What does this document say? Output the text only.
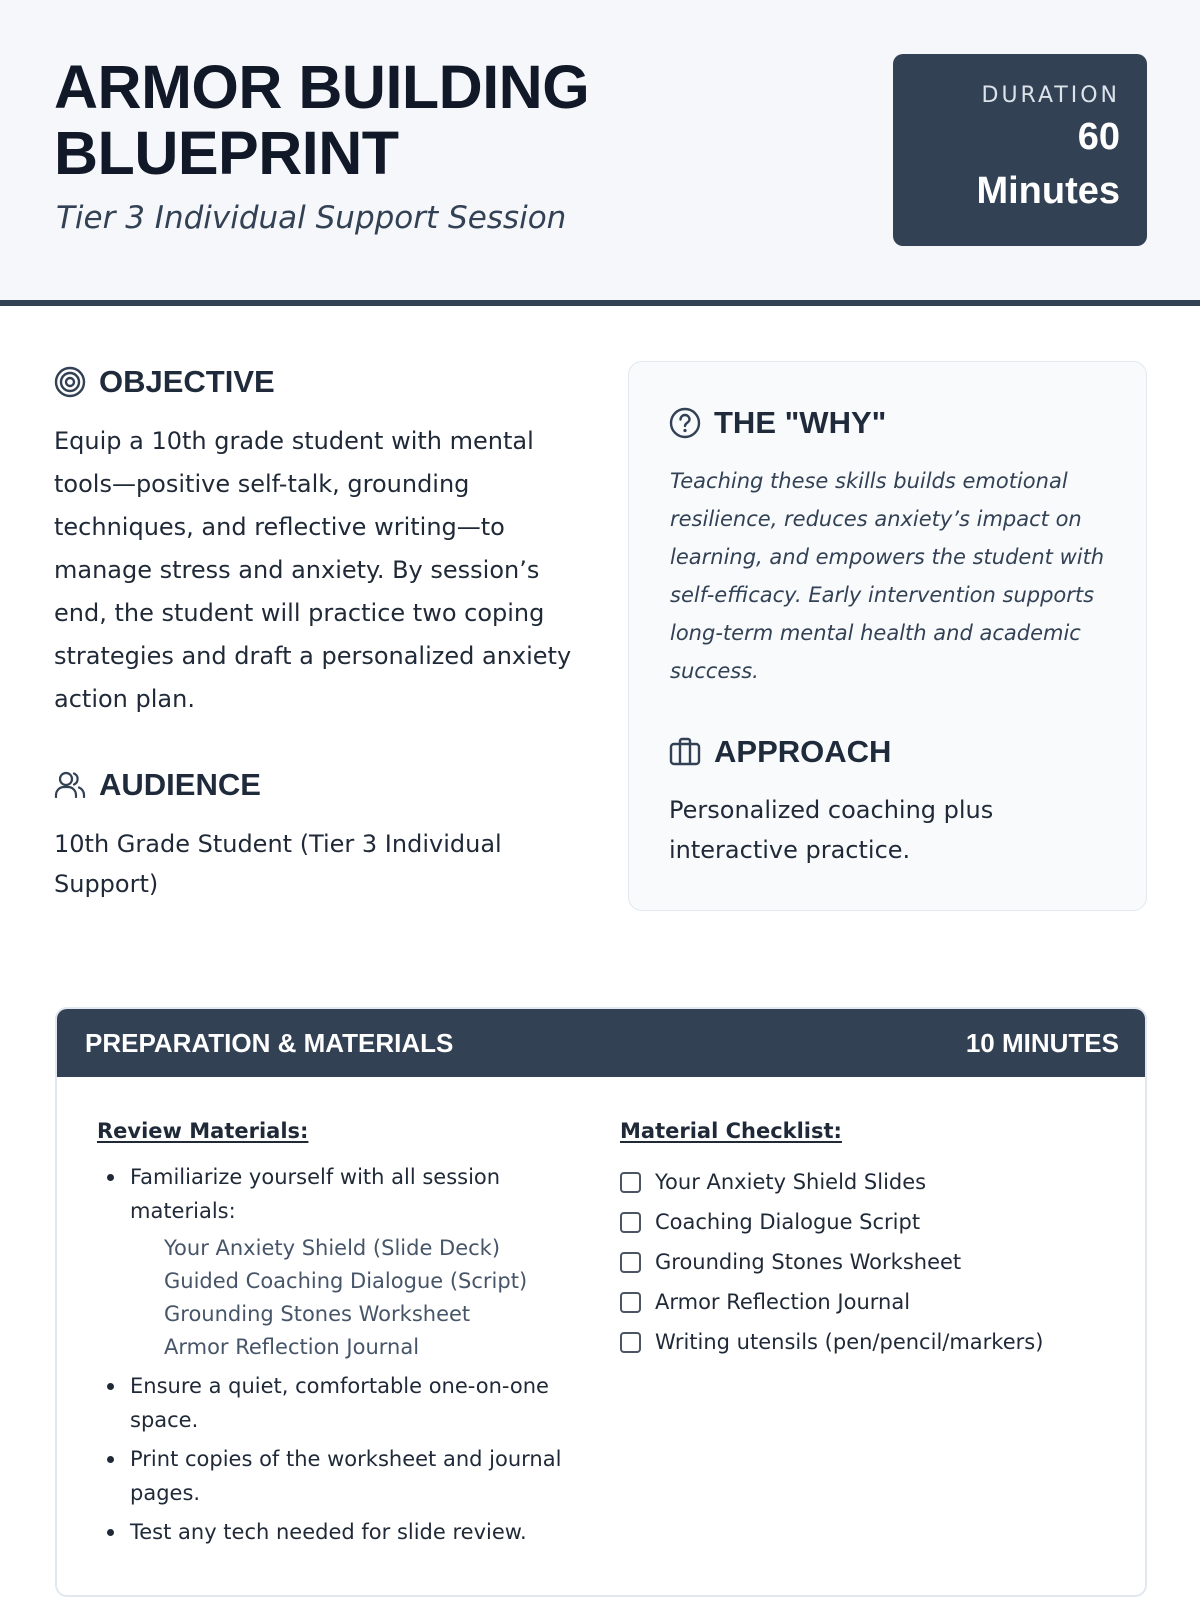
ARMOR BUILDING
BLUEPRINT
Tier 3 Individual Support Session
DURATION
60
Minutes
OBJECTIVE
Equip a 10th grade student with mental tools—positive self-talk, grounding techniques, and reflective writing—to manage stress and anxiety. By session’s end, the student will practice two coping strategies and draft a personalized anxiety action plan.
AUDIENCE
10th Grade Student (Tier 3 Individual Support)
THE "WHY"
Teaching these skills builds emotional resilience, reduces anxiety’s impact on learning, and empowers the student with self-efficacy. Early intervention supports long-term mental health and academic success.
APPROACH
Personalized coaching plus interactive practice.
PREPARATION & MATERIALS	10 MINUTES
Review Materials:
Familiarize yourself with all session materials:
Your Anxiety Shield (Slide Deck)
Guided Coaching Dialogue (Script)
Grounding Stones Worksheet
Armor Reflection Journal
Ensure a quiet, comfortable one-on-one space.
Print copies of the worksheet and journal pages.
Test any tech needed for slide review.
Material Checklist:
Your Anxiety Shield Slides
Coaching Dialogue Script
Grounding Stones Worksheet
Armor Reflection Journal
Writing utensils (pen/pencil/markers)
